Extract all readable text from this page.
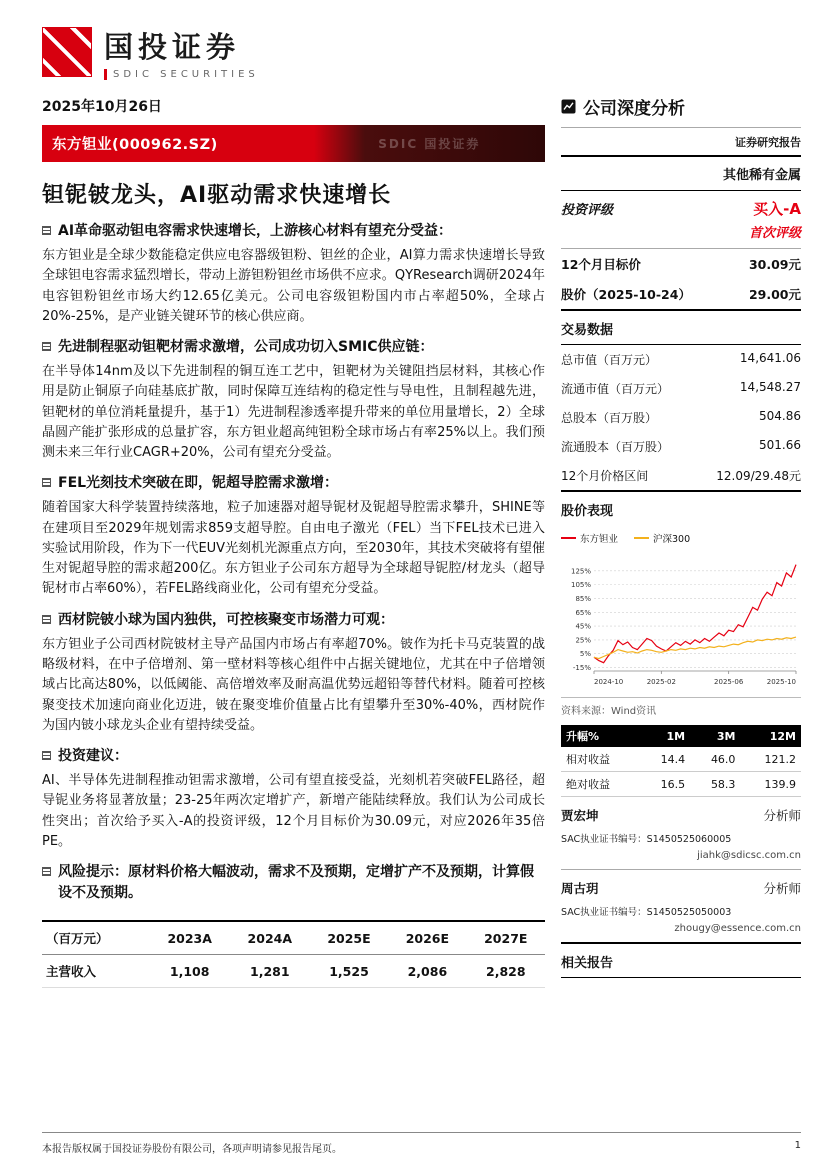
国投证券
SDIC SECURITIES
2025年10月26日
东方钽业(000962.SZ)	SDIC 国投证券
钽铌铍龙头，AI驱动需求快速增长
AI革命驱动钽电容需求快速增长，上游核心材料有望充分受益：

东方钽业是全球少数能稳定供应电容器级钽粉、钽丝的企业，AI算力需求快速增长导致全球钽电容需求猛烈增长，带动上游钽粉钽丝市场供不应求。QYResearch调研2024年电容钽粉钽丝市场大约12.65亿美元。公司电容级钽粉国内市占率超50%，全球占20%-25%，是产业链关键环节的核心供应商。

先进制程驱动钽靶材需求激增，公司成功切入SMIC供应链：

在半导体14nm及以下先进制程的铜互连工艺中，钽靶材为关键阻挡层材料，其核心作用是防止铜原子向硅基底扩散，同时保障互连结构的稳定性与导电性，且制程越先进，钽靶材的单位消耗量提升，基于1）先进制程渗透率提升带来的单位用量增长，2）全球晶圆产能扩张形成的总量扩容，东方钽业超高纯钽粉全球市场占有率25%以上。我们预测未来三年行业CAGR+20%，公司有望充分受益。

FEL光刻技术突破在即，铌超导腔需求激增：

随着国家大科学装置持续落地，粒子加速器对超导铌材及铌超导腔需求攀升，SHINE等在建项目至2029年规划需求859支超导腔。自由电子激光（FEL）当下FEL技术已进入实验试用阶段，作为下一代EUV光刻机光源重点方向，至2030年，其技术突破将有望催生对铌超导腔的需求超200亿。东方钽业子公司东方超导为全球超导铌腔/材龙头（超导铌材市占率60%），若FEL路线商业化，公司有望充分受益。

西材院铍小球为国内独供，可控核聚变市场潜力可观：

东方钽业子公司西材院铍材主导产品国内市场占有率超70%。铍作为托卡马克装置的战略级材料，在中子倍增剂、第一壁材料等核心组件中占据关键地位，尤其在中子倍增领域占比高达80%，以低阈能、高倍增效率及耐高温优势远超铅等替代材料。随着可控核聚变技术加速向商业化迈进，铍在聚变堆价值量占比有望攀升至30%-40%，西材院作为国内铍小球龙头企业有望持续受益。

投资建议：

AI、半导体先进制程推动钽需求激增，公司有望直接受益，光刻机若突破FEL路径，超导铌业务将显著放量；23-25年两次定增扩产，新增产能陆续释放。我们认为公司成长性突出；首次给予买入-A的投资评级，12个月目标价为30.09元，对应2026年35倍PE。

风险提示：原材料价格大幅波动，需求不及预期，定增扩产不及预期，计算假设不及预期。
（百万元）	2023A	2024A	2025E	2026E	2027E
主营收入	1,108	1,281	1,525	2,086	2,828
公司深度分析
证券研究报告
其他稀有金属
投资评级	买入-A
首次评级
12个月目标价	30.09元
股价（2025-10-24）	29.00元
交易数据
总市值（百万元）	14,641.06
流通市值（百万元）	14,548.27
总股本（百万股）	504.86
流通股本（百万股）	501.66
12个月价格区间	12.09/29.48元
股价表现
东方钽业	沪深300
125%
105%
85%
65%
45%
25%
5%
-15%
2024-10	2025-02	2025-06	2025-10
资料来源：Wind资讯
升幅%	1M	3M	12M
相对收益	14.4	46.0	121.2
绝对收益	16.5	58.3	139.9
贾宏坤	分析师
SAC执业证书编号：S1450525060005
jiahk@sdicsc.com.cn
周古玥	分析师
SAC执业证书编号：S1450525050003
zhougy@essence.com.cn
相关报告
本报告版权属于国投证券股份有限公司，各项声明请参见报告尾页。	1
